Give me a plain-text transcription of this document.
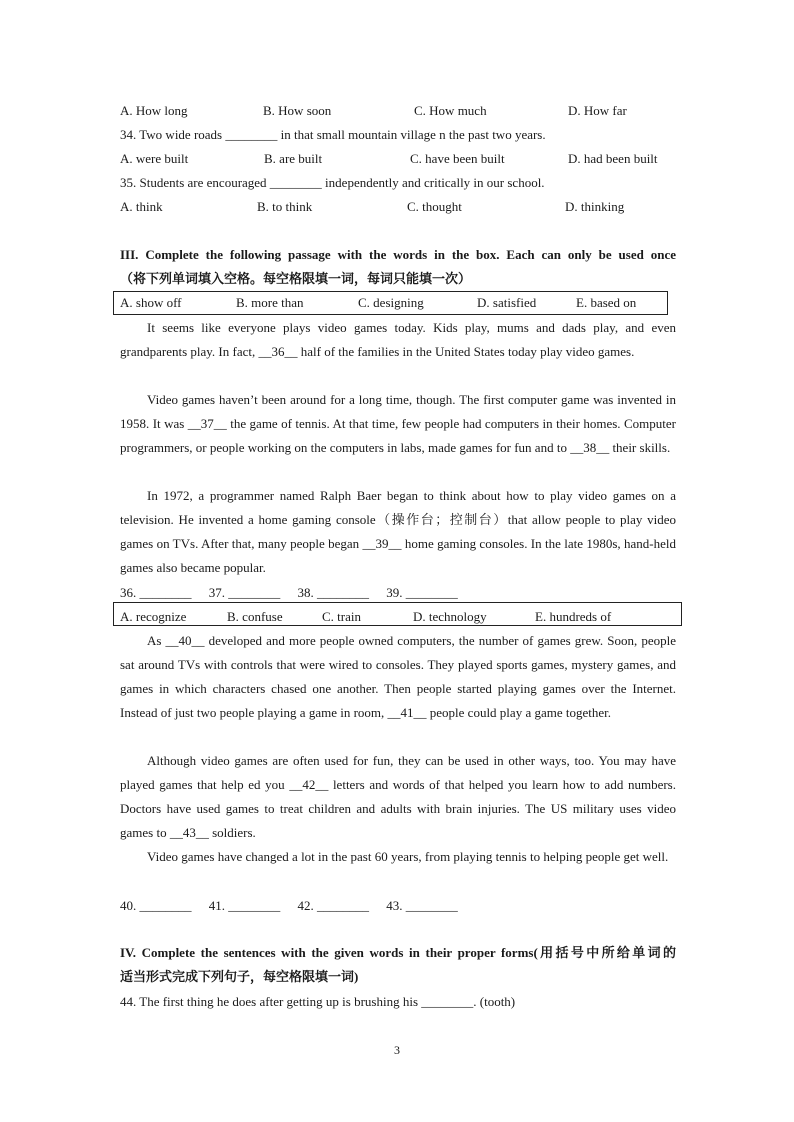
A. How long	B. How soon	C. How much	D. How far
34. Two wide roads ________ in that small mountain village n the past two years.
A. were built	B. are built	C. have been built	D. had been built
35. Students are encouraged ________ independently and critically in our school.
A. think	B. to think	C. thought	D. thinking
III. Complete the following passage with the words in the box. Each can only be used once
（将下列单词填入空格。每空格限填一词，每词只能填一次）
A. show off	B. more than	C. designing	D. satisfied	E. based on
It seems like everyone plays video games today. Kids play, mums and dads play, and even grandparents play. In fact, __36__ half of the families in the United States today play video games.
Video games haven’t been around for a long time, though. The first computer game was invented in 1958. It was __37__ the game of tennis. At that time, few people had computers in their homes. Computer programmers, or people working on the computers in labs, made games for fun and to __38__ their skills.
In 1972, a programmer named Ralph Baer began to think about how to play video games on a television. He invented a home gaming console（操作台；控制台）that allow people to play video games on TVs. After that, many people began __39__ home gaming consoles. In the late 1980s, hand-held games also became popular.
36. ________ 37. ________ 38. ________ 39. ________
A. recognize	B. confuse	C. train	D. technology	E. hundreds of
As __40__ developed and more people owned computers, the number of games grew. Soon, people sat around TVs with controls that were wired to consoles. They played sports games, mystery games, and games in which characters chased one another. Then people started playing games over the Internet. Instead of just two people playing a game in room, __41__ people could play a game together.
Although video games are often used for fun, they can be used in other ways, too. You may have played games that help ed you __42__ letters and words of that helped you learn how to add numbers. Doctors have used games to treat children and adults with brain injuries. The US military uses video games to __43__ soldiers.
Video games have changed a lot in the past 60 years, from playing tennis to helping people get well.
40. ________ 41. ________ 42. ________ 43. ________
IV. Complete the sentences with the given words in their proper forms(用括号中所给单词的
适当形式完成下列句子，每空格限填一词)
44. The first thing he does after getting up is brushing his ________. (tooth)
3
